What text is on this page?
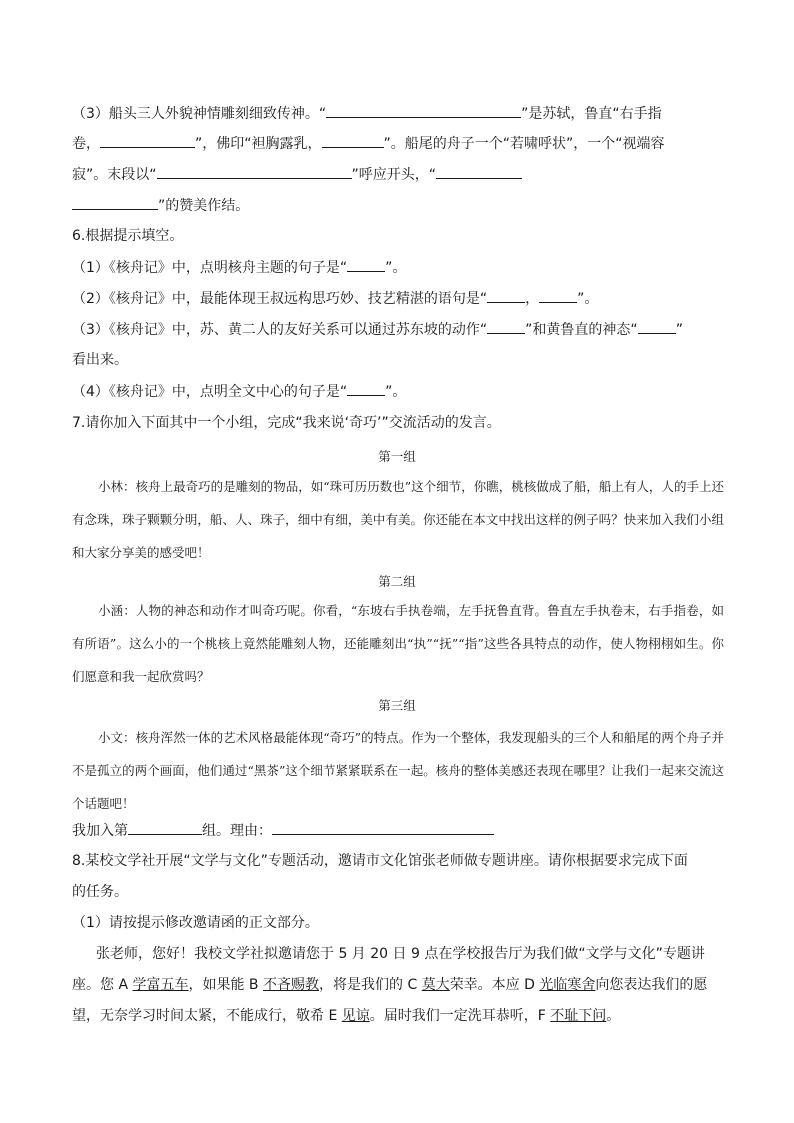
（3）船头三人外貌神情雕刻细致传神。“	”是苏轼，鲁直“右手指
卷，	”，佛印“袒胸露乳，	”。船尾的舟子一个“若啸呼状”，一个“视端容
寂”。末段以“	”呼应开头，“
”的赞美作结。
6.根据提示填空。
（1）《核舟记》中，点明核舟主题的句子是“	”。
（2）《核舟记》中，最能体现王叔远构思巧妙、技艺精湛的语句是“	，	”。
（3）《核舟记》中，苏、黄二人的友好关系可以通过苏东坡的动作“	”和黄鲁直的神态“	”
看出来。
（4）《核舟记》中，点明全文中心的句子是“	”。
7.请你加入下面其中一个小组，完成“我来说‘奇巧’”交流活动的发言。
第一组
小林：核舟上最奇巧的是雕刻的物品，如“珠可历历数也”这个细节，你瞧，桃核做成了船，船上有人，人的手上还有念珠，珠子颗颗分明，船、人、珠子，细中有细，美中有美。你还能在本文中找出这样的例子吗？快来加入我们小组和大家分享美的感受吧！
第二组
小涵：人物的神态和动作才叫奇巧呢。你看，“东坡右手执卷端，左手抚鲁直背。鲁直左手执卷末，右手指卷，如有所语”。这么小的一个桃核上竟然能雕刻人物，还能雕刻出“执”“抚”“指”这些各具特点的动作，使人物栩栩如生。你们愿意和我一起欣赏吗？
第三组
小文：核舟浑然一体的艺术风格最能体现“奇巧”的特点。作为一个整体，我发现船头的三个人和船尾的两个舟子并不是孤立的两个画面，他们通过“黑茶”这个细节紧紧联系在一起。核舟的整体美感还表现在哪里？让我们一起来交流这个话题吧！
我加入第	组。理由：
8.某校文学社开展“文学与文化”专题活动，邀请市文化馆张老师做专题讲座。请你根据要求完成下面
的任务。
（1）请按提示修改邀请函的正文部分。
张老师，您好！我校文学社拟邀请您于 5 月 20 日 9 点在学校报告厅为我们做“文学与文化”专题讲
座。您 A 学富五车，如果能 B 不吝赐教，将是我们的 C 莫大荣幸。本应 D 光临寒舍向您表达我们的愿
望，无奈学习时间太紧，不能成行，敬希 E 见谅。届时我们一定洗耳恭听，F 不耻下问。
